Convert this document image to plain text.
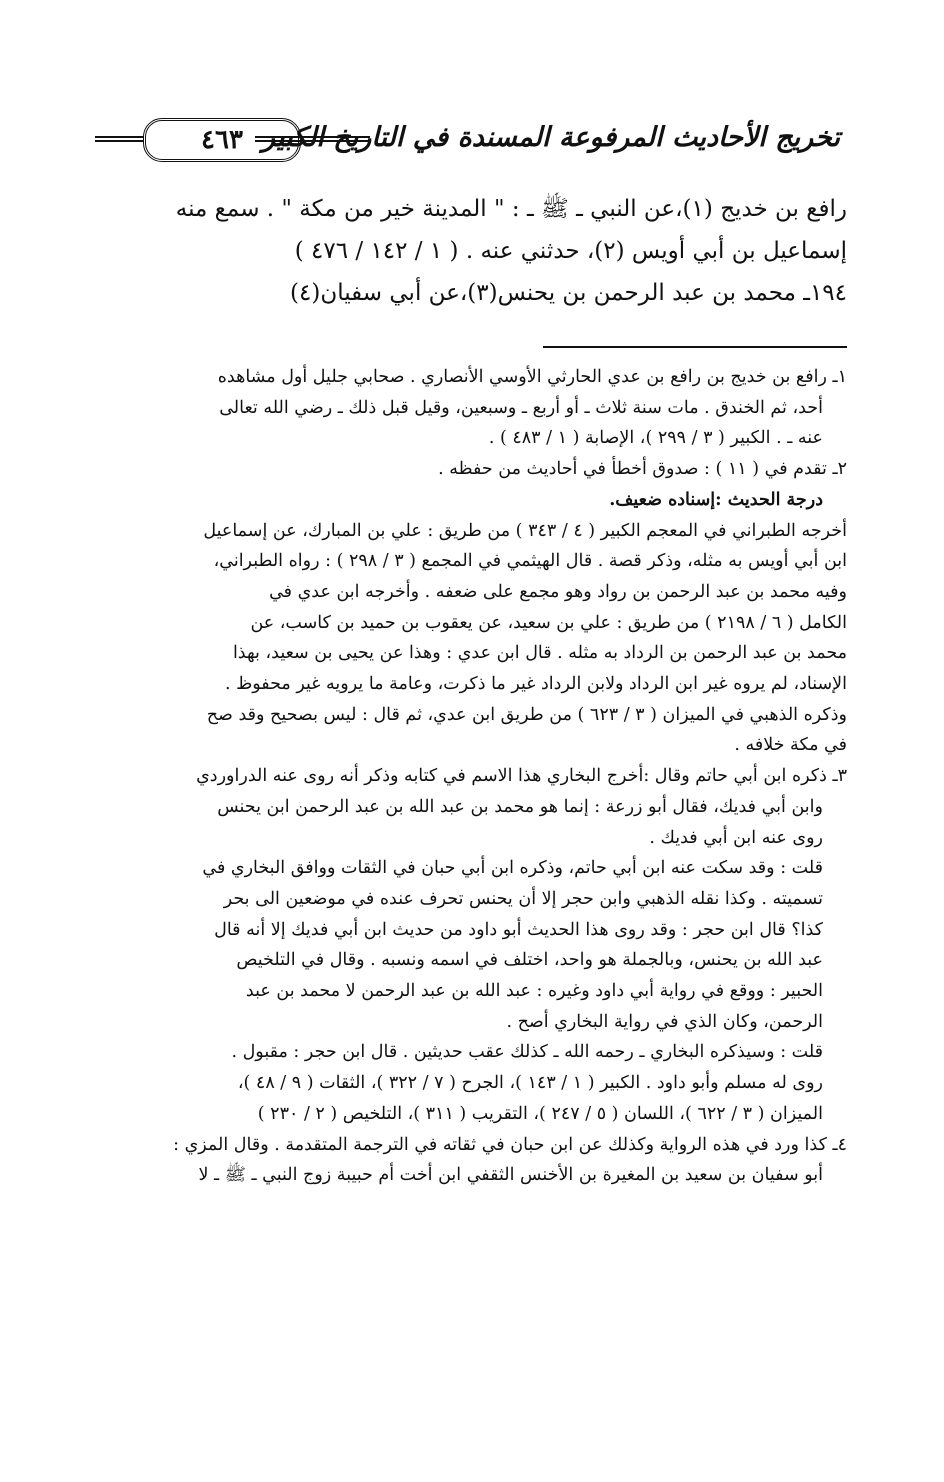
تخريج الأحاديث المرفوعة المسندة في التاريخ الكبير
٤٦٣

رافع بن خديج (١)،عن النبي ـ ﷺ ـ : " المدينة خير من مكة " . سمع منه

إسماعيل بن أبي أويس (٢)، حدثني عنه . ( ١ / ١٤٢ / ٤٧٦ )

١٩٤ـ محمد بن عبد الرحمن بن يحنس(٣)،عن أبي سفيان(٤)

١ـ رافع بن خديج بن رافع بن عدي الحارثي الأوسي الأنصاري . صحابي جليل أول مشاهده
أحد، ثم الخندق . مات سنة ثلاث ـ أو أربع ـ وسبعين، وقيل قبل ذلك ـ رضي الله تعالى
عنه ـ . الكبير ( ٣ / ٢٩٩ )، الإصابة ( ١ / ٤٨٣ ) .
٢ـ تقدم في ( ١١ ) : صدوق أخطأ في أحاديث من حفظه .
درجة الحديث :إسناده ضعيف.
أخرجه الطبراني في المعجم الكبير ( ٤ / ٣٤٣ ) من طريق : علي بن المبارك، عن إسماعيل
ابن أبي أويس به مثله، وذكر قصة . قال الهيثمي في المجمع ( ٣ / ٢٩٨ ) : رواه الطبراني،
وفيه محمد بن عبد الرحمن بن رواد وهو مجمع على ضعفه . وأخرجه ابن عدي في
الكامل ( ٦ / ٢١٩٨ ) من طريق : علي بن سعيد، عن يعقوب بن حميد بن كاسب، عن
محمد بن عبد الرحمن بن الرداد به مثله . قال ابن عدي : وهذا عن يحيى بن سعيد، بهذا
الإسناد، لم يروه غير ابن الرداد ولابن الرداد غير ما ذكرت، وعامة ما يرويه غير محفوظ .
وذكره الذهبي في الميزان ( ٣ / ٦٢٣ ) من طريق ابن عدي، ثم قال : ليس بصحيح وقد صح
في مكة خلافه .
٣ـ ذكره ابن أبي حاتم وقال :أخرج البخاري هذا الاسم في كتابه وذكر أنه روى عنه الدراوردي
وابن أبي فديك، فقال أبو زرعة : إنما هو محمد بن عبد الله بن عبد الرحمن ابن يحنس
روى عنه ابن أبي فديك .
قلت : وقد سكت عنه ابن أبي حاتم، وذكره ابن أبي حبان في الثقات ووافق البخاري في
تسميته . وكذا نقله الذهبي وابن حجر إلا أن يحنس تحرف عنده في موضعين الى بحر
كذا؟ قال ابن حجر : وقد روى هذا الحديث أبو داود من حديث ابن أبي فديك إلا أنه قال
عبد الله بن يحنس، وبالجملة هو واحد، اختلف في اسمه ونسبه . وقال في التلخيص
الحبير : ووقع في رواية أبي داود وغيره : عبد الله بن عبد الرحمن لا محمد بن عبد
الرحمن، وكان الذي في رواية البخاري أصح .
قلت : وسيذكره البخاري ـ رحمه الله ـ كذلك عقب حديثين . قال ابن حجر : مقبول .
روى له مسلم وأبو داود . الكبير ( ١ / ١٤٣ )، الجرح ( ٧ / ٣٢٢ )، الثقات ( ٩ / ٤٨ )،
الميزان ( ٣ / ٦٢٢ )، اللسان ( ٥ / ٢٤٧ )، التقريب ( ٣١١ )، التلخيص ( ٢ / ٢٣٠ )
٤ـ كذا ورد في هذه الرواية وكذلك عن ابن حبان في ثقاته في الترجمة المتقدمة . وقال المزي :
أبو سفيان بن سعيد بن المغيرة بن الأخنس الثقفي ابن أخت أم حبيبة زوج النبي ـ ﷺ ـ لا
